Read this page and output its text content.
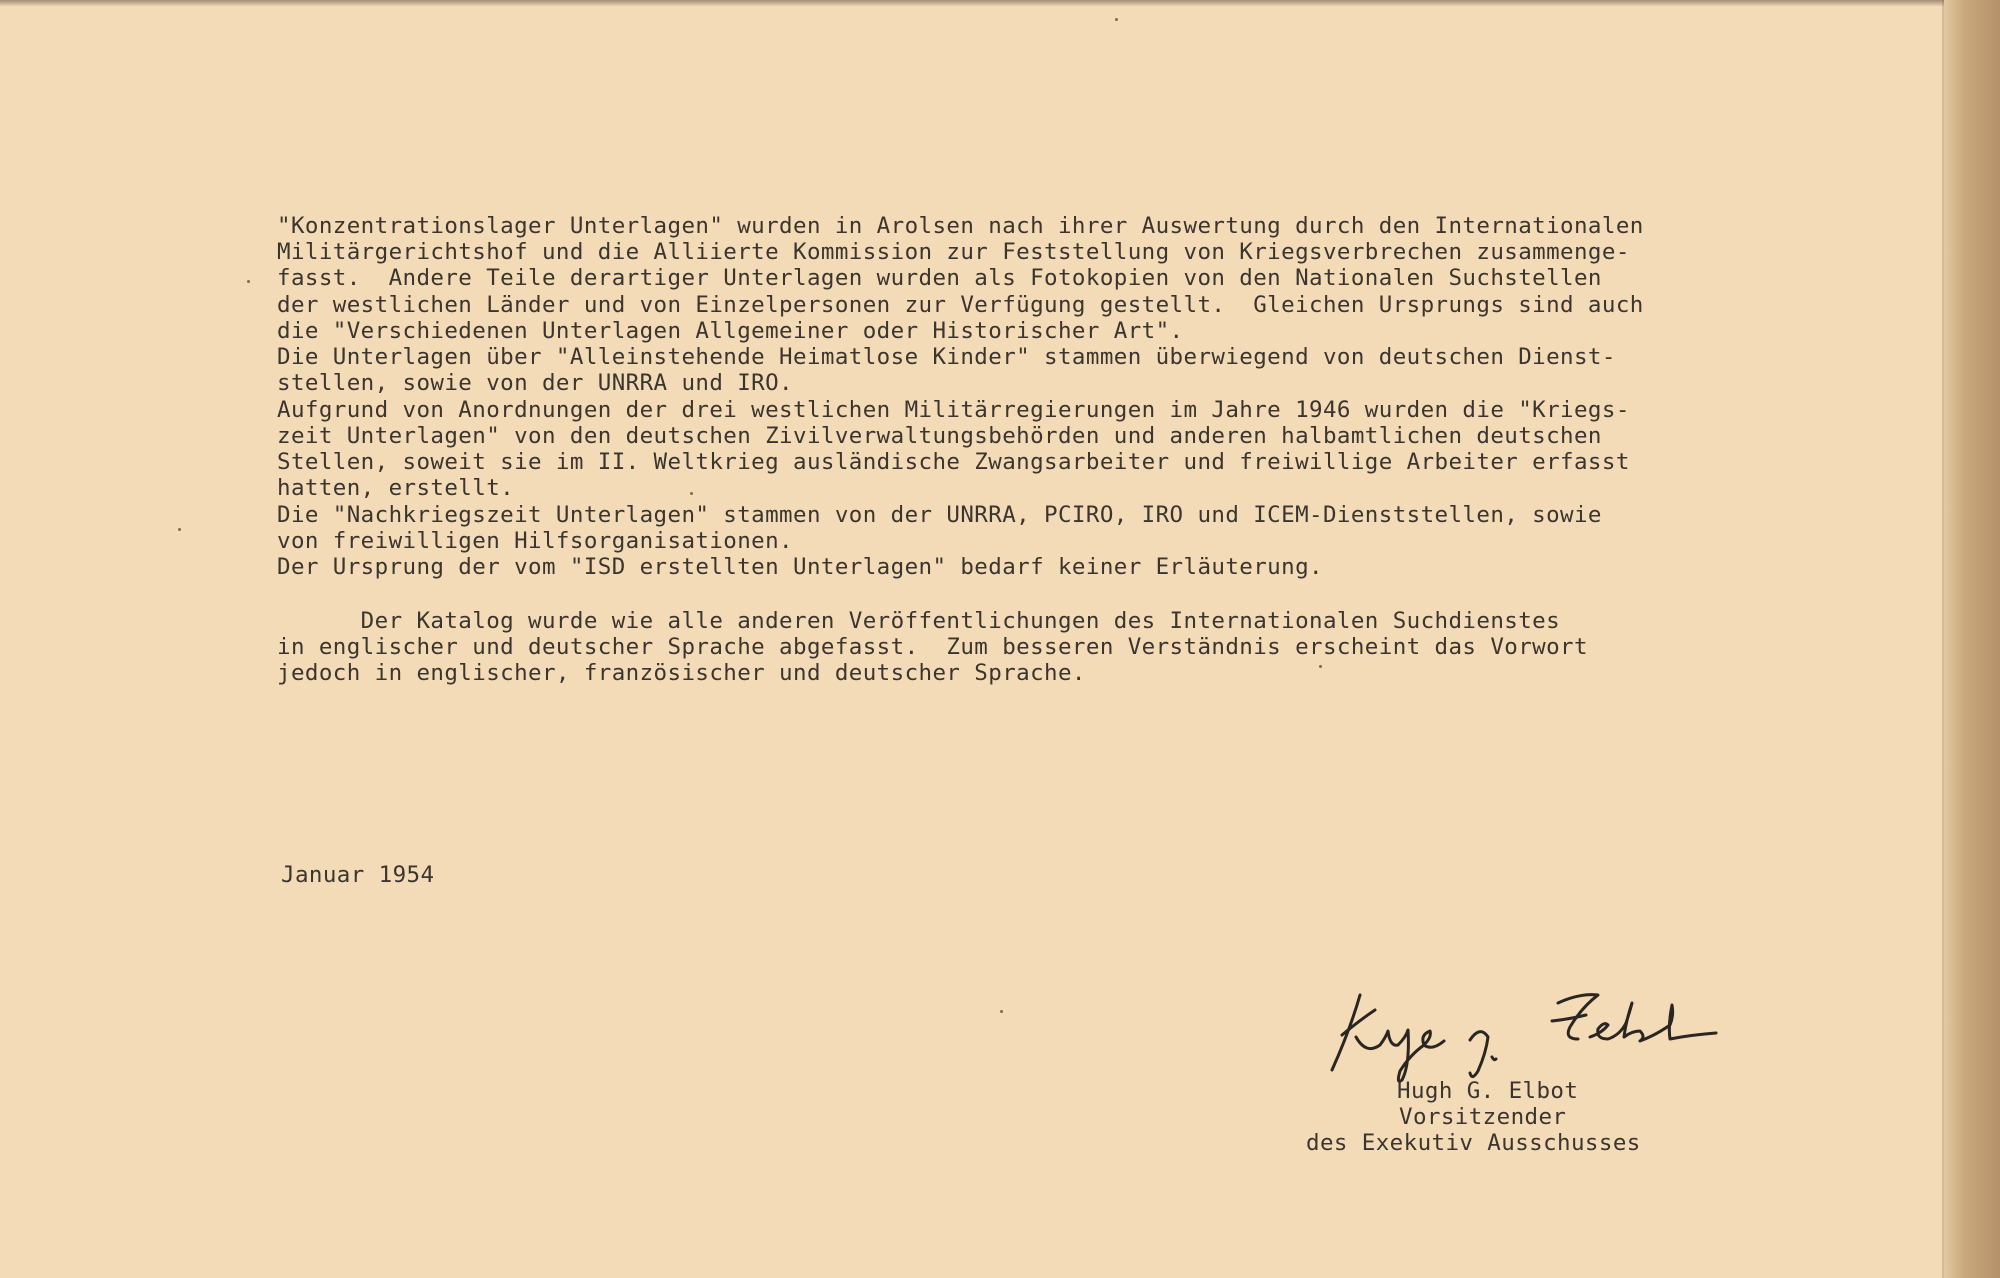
"Konzentrationslager Unterlagen" wurden in Arolsen nach ihrer Auswertung durch den Internationalen
Militärgerichtshof und die Alliierte Kommission zur Feststellung von Kriegsverbrechen zusammenge-
fasst.  Andere Teile derartiger Unterlagen wurden als Fotokopien von den Nationalen Suchstellen
der westlichen Länder und von Einzelpersonen zur Verfügung gestellt.  Gleichen Ursprungs sind auch
die "Verschiedenen Unterlagen Allgemeiner oder Historischer Art".
Die Unterlagen über "Alleinstehende Heimatlose Kinder" stammen überwiegend von deutschen Dienst-
stellen, sowie von der UNRRA und IRO.
Aufgrund von Anordnungen der drei westlichen Militärregierungen im Jahre 1946 wurden die "Kriegs-
zeit Unterlagen" von den deutschen Zivilverwaltungsbehörden und anderen halbamtlichen deutschen
Stellen, soweit sie im II. Weltkrieg ausländische Zwangsarbeiter und freiwillige Arbeiter erfasst
hatten, erstellt.
Die "Nachkriegszeit Unterlagen" stammen von der UNRRA, PCIRO, IRO und ICEM-Dienststellen, sowie
von freiwilligen Hilfsorganisationen.
Der Ursprung der vom "ISD erstellten Unterlagen" bedarf keiner Erläuterung.
Der Katalog wurde wie alle anderen Veröffentlichungen des Internationalen Suchdienstes
in englischer und deutscher Sprache abgefasst.  Zum besseren Verständnis erscheint das Vorwort
jedoch in englischer, französischer und deutscher Sprache.
Januar 1954
Hugh G. Elbot
Vorsitzender
des Exekutiv Ausschusses
